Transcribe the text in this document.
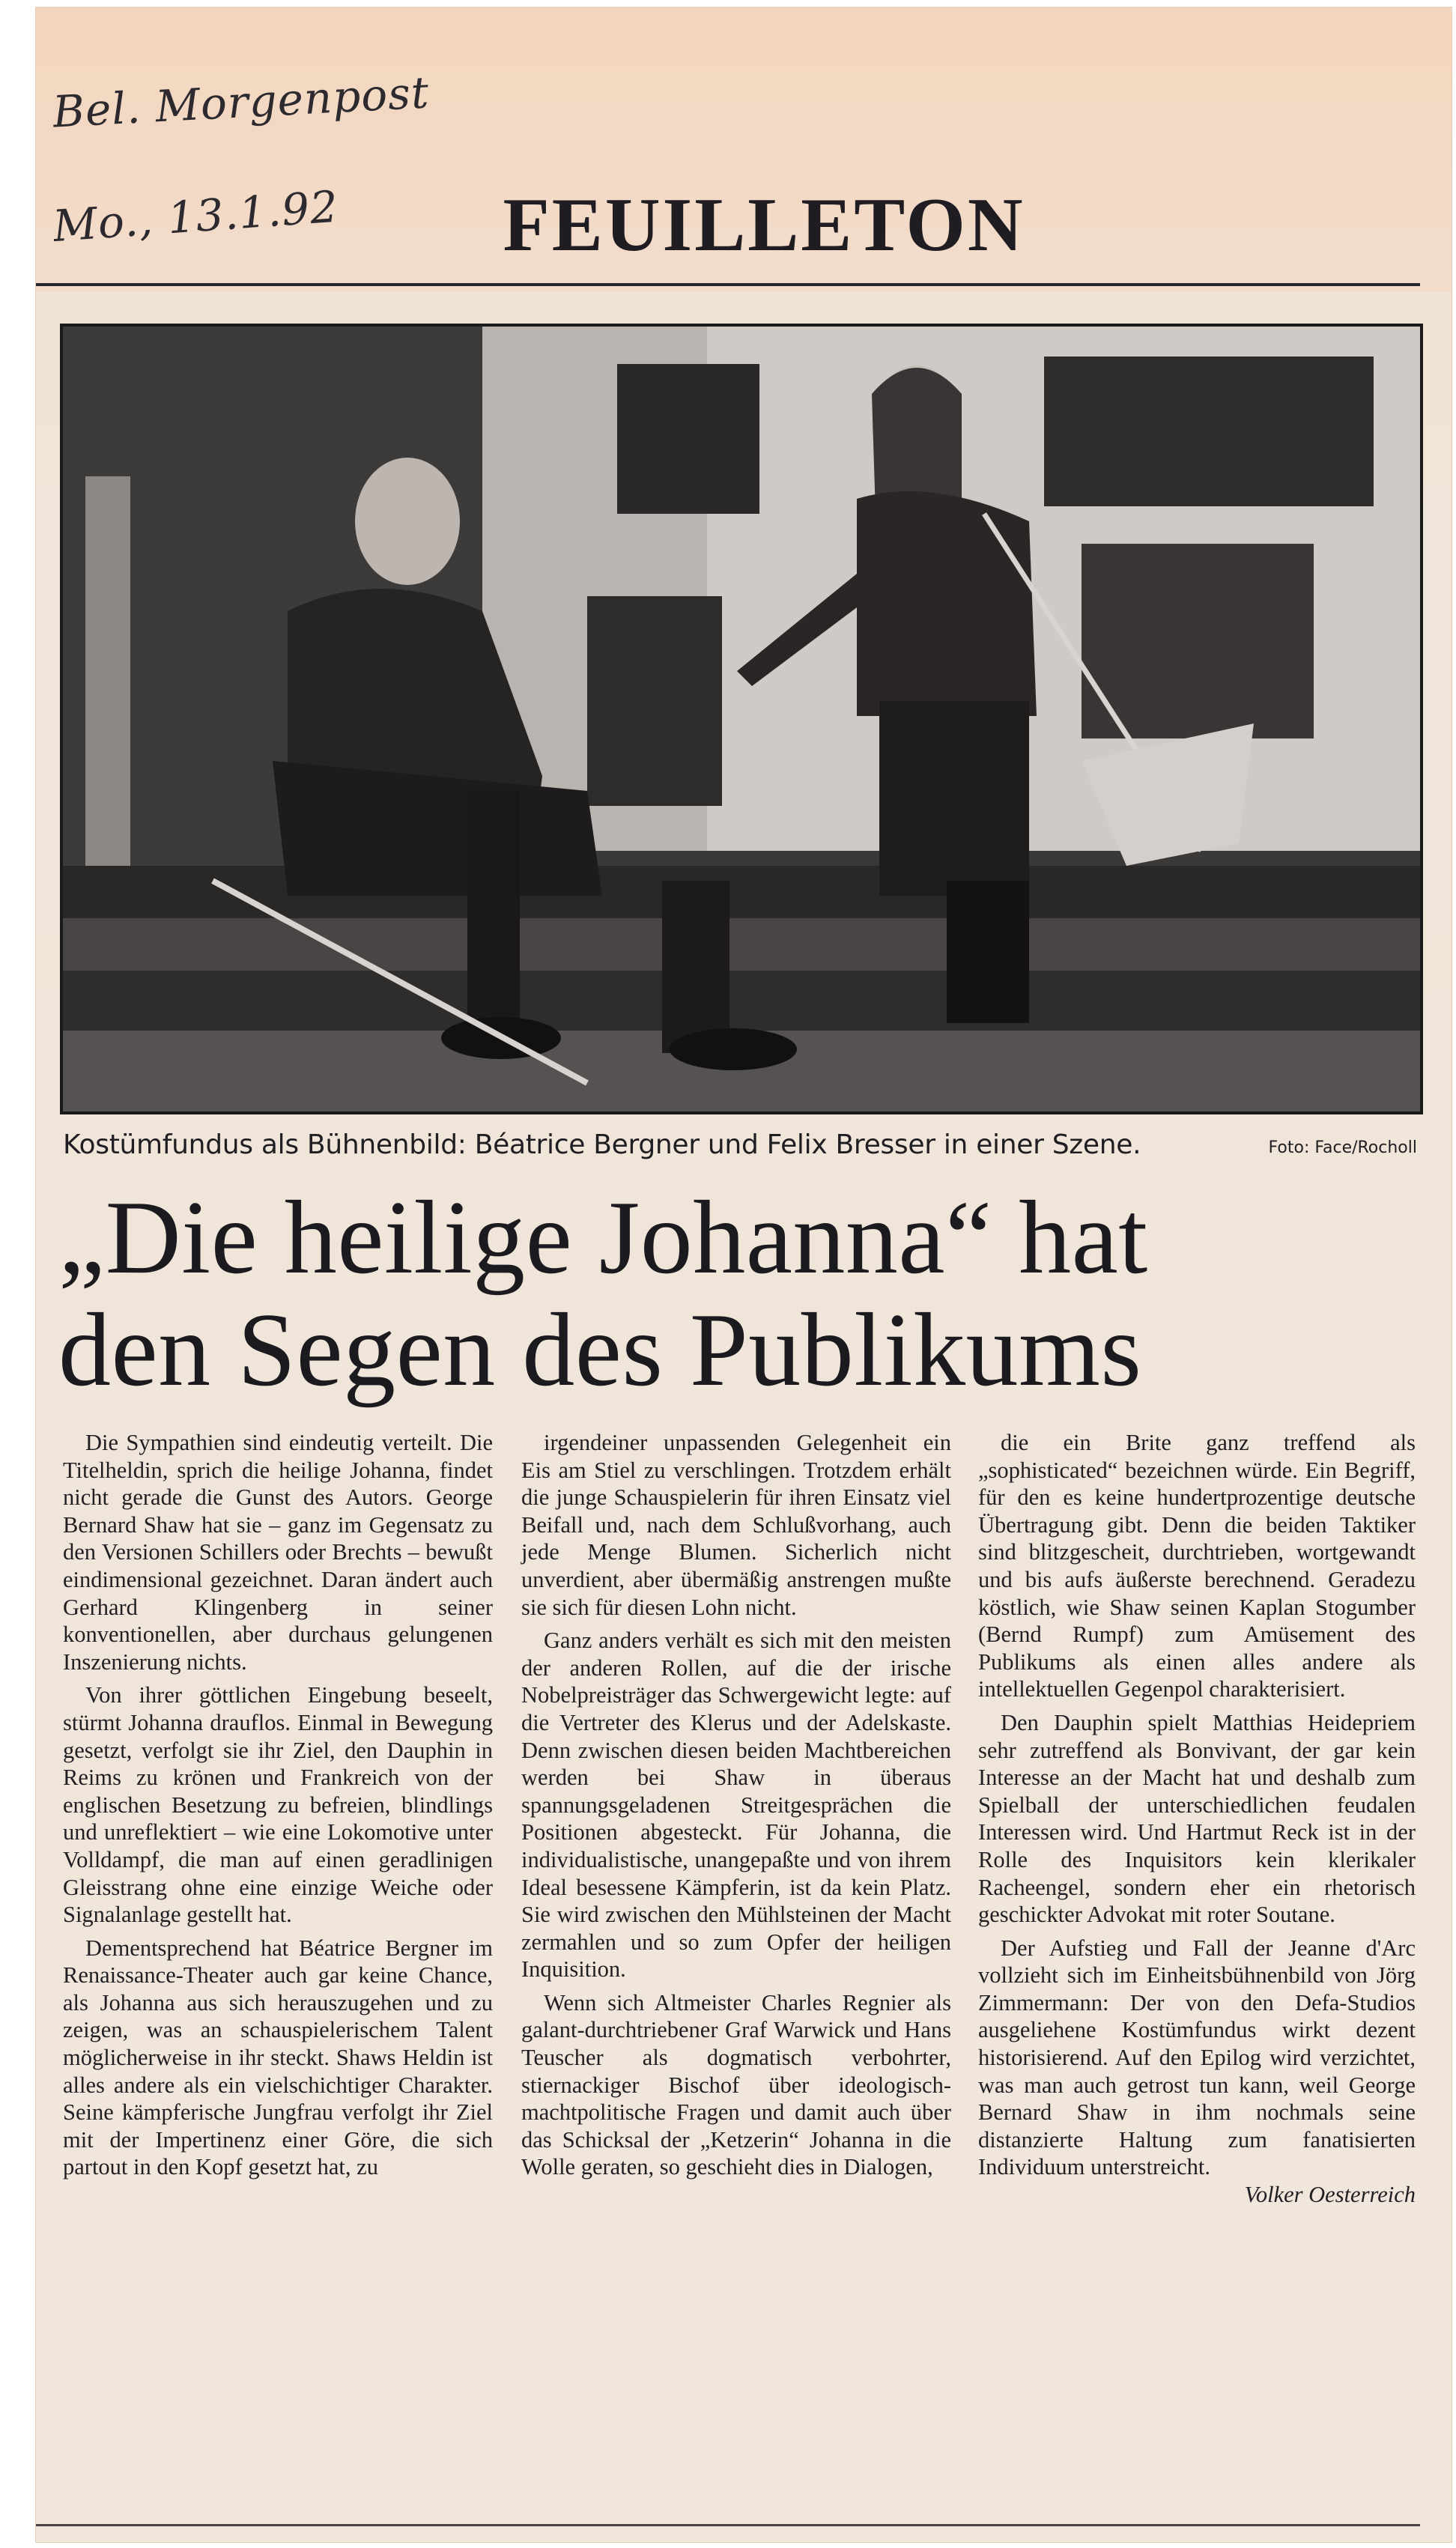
Bel. Morgenpost
Mo., 13.1.92	FEUILLETON
Kostümfundus als Bühnenbild: Béatrice Bergner und Felix Bresser in einer Szene.	Foto: Face/Rocholl
„Die heilige Johanna“ hat
den Segen des Publikums

Die Sympathien sind eindeutig verteilt. Die Titelheldin, sprich die heilige Johanna, findet nicht gerade die Gunst des Autors. George Bernard Shaw hat sie – ganz im Gegensatz zu den Versionen Schillers oder Brechts – bewußt eindimensional gezeichnet. Daran ändert auch Gerhard Klingenberg in seiner konventionellen, aber durchaus gelungenen Inszenierung nichts.

Von ihrer göttlichen Eingebung beseelt, stürmt Johanna drauflos. Einmal in Bewegung gesetzt, verfolgt sie ihr Ziel, den Dauphin in Reims zu krönen und Frankreich von der englischen Besetzung zu befreien, blindlings und unreflektiert – wie eine Lokomotive unter Volldampf, die man auf einen geradlinigen Gleisstrang ohne eine einzige Weiche oder Signalanlage gestellt hat.

Dementsprechend hat Béatrice Bergner im Renaissance-Theater auch gar keine Chance, als Johanna aus sich herauszugehen und zu zeigen, was an schauspielerischem Talent möglicherweise in ihr steckt. Shaws Heldin ist alles andere als ein vielschichtiger Charakter. Seine kämpferische Jungfrau verfolgt ihr Ziel mit der Impertinenz einer Göre, die sich partout in den Kopf gesetzt hat, zu

irgendeiner unpassenden Gelegenheit ein Eis am Stiel zu verschlingen. Trotzdem erhält die junge Schauspielerin für ihren Einsatz viel Beifall und, nach dem Schlußvorhang, auch jede Menge Blumen. Sicherlich nicht unverdient, aber übermäßig anstrengen mußte sie sich für diesen Lohn nicht.

Ganz anders verhält es sich mit den meisten der anderen Rollen, auf die der irische Nobelpreisträger das Schwergewicht legte: auf die Vertreter des Klerus und der Adelskaste. Denn zwischen diesen beiden Machtbereichen werden bei Shaw in überaus spannungsgeladenen Streitgesprächen die Positionen abgesteckt. Für Johanna, die individualistische, unangepaßte und von ihrem Ideal besessene Kämpferin, ist da kein Platz. Sie wird zwischen den Mühlsteinen der Macht zermahlen und so zum Opfer der heiligen Inquisition.

Wenn sich Altmeister Charles Regnier als galant-durchtriebener Graf Warwick und Hans Teuscher als dogmatisch verbohrter, stiernackiger Bischof über ideologisch-machtpolitische Fragen und damit auch über das Schicksal der „Ketzerin“ Johanna in die Wolle geraten, so geschieht dies in Dialogen,

die ein Brite ganz treffend als „sophisticated“ bezeichnen würde. Ein Begriff, für den es keine hundertprozentige deutsche Übertragung gibt. Denn die beiden Taktiker sind blitzgescheit, durchtrieben, wortgewandt und bis aufs äußerste berechnend. Geradezu köstlich, wie Shaw seinen Kaplan Stogumber (Bernd Rumpf) zum Amüsement des Publikums als einen alles andere als intellektuellen Gegenpol charakterisiert.

Den Dauphin spielt Matthias Heidepriem sehr zutreffend als Bonvivant, der gar kein Interesse an der Macht hat und deshalb zum Spielball der unterschiedlichen feudalen Interessen wird. Und Hartmut Reck ist in der Rolle des Inquisitors kein klerikaler Racheengel, sondern eher ein rhetorisch geschickter Advokat mit roter Soutane.

Der Aufstieg und Fall der Jeanne d'Arc vollzieht sich im Einheitsbühnenbild von Jörg Zimmermann: Der von den Defa-Studios ausgeliehene Kostümfundus wirkt dezent historisierend. Auf den Epilog wird verzichtet, was man auch getrost tun kann, weil George Bernard Shaw in ihm nochmals seine distanzierte Haltung zum fanatisierten Individuum unterstreicht.

Volker Oesterreich
